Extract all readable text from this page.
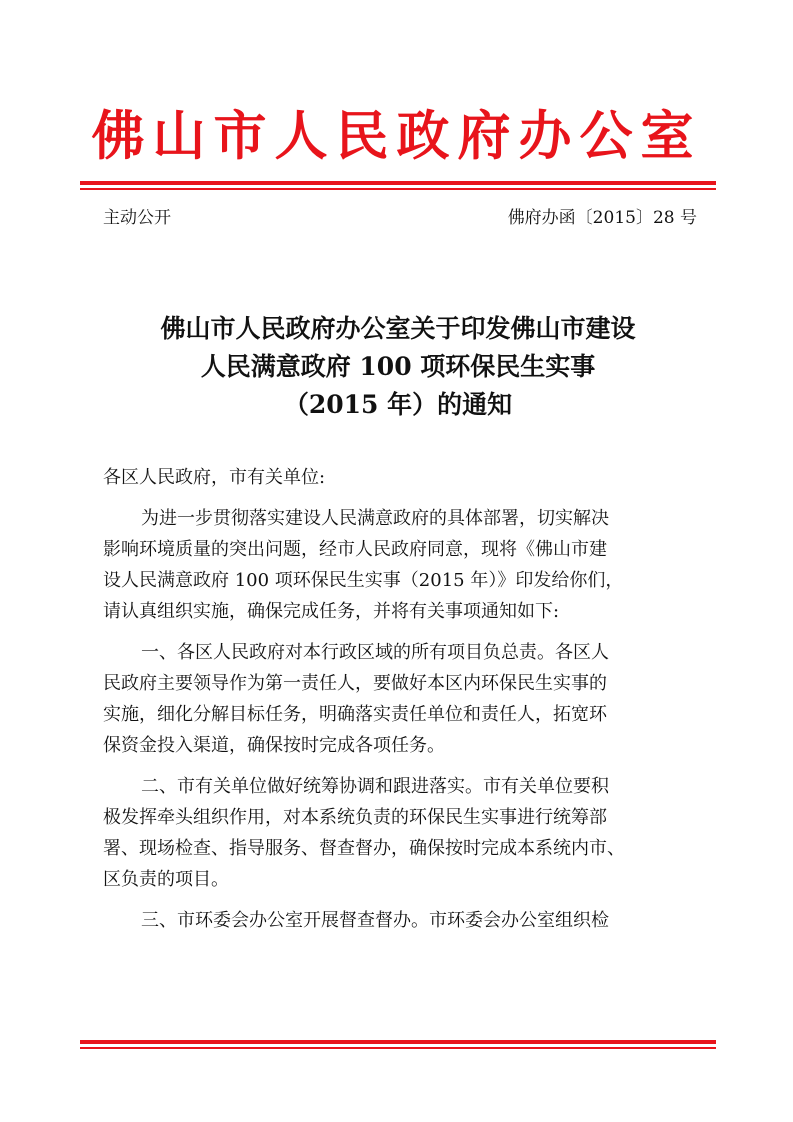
佛山市人民政府办公室
主动公开	佛府办函〔2015〕28 号
佛山市人民政府办公室关于印发佛山市建设
人民满意政府 100 项环保民生实事
（2015 年）的通知
各区人民政府，市有关单位:
为进一步贯彻落实建设人民满意政府的具体部署，切实解决
影响环境质量的突出问题，经市人民政府同意，现将《佛山市建
设人民满意政府 100 项环保民生实事（2015 年）》印发给你们，
请认真组织实施，确保完成任务，并将有关事项通知如下:
一、各区人民政府对本行政区域的所有项目负总责。各区人
民政府主要领导作为第一责任人，要做好本区内环保民生实事的
实施，细化分解目标任务，明确落实责任单位和责任人，拓宽环
保资金投入渠道，确保按时完成各项任务。
二、市有关单位做好统筹协调和跟进落实。市有关单位要积
极发挥牵头组织作用，对本系统负责的环保民生实事进行统筹部
署、现场检查、指导服务、督查督办，确保按时完成本系统内市、
区负责的项目。
三、市环委会办公室开展督查督办。市环委会办公室组织检
